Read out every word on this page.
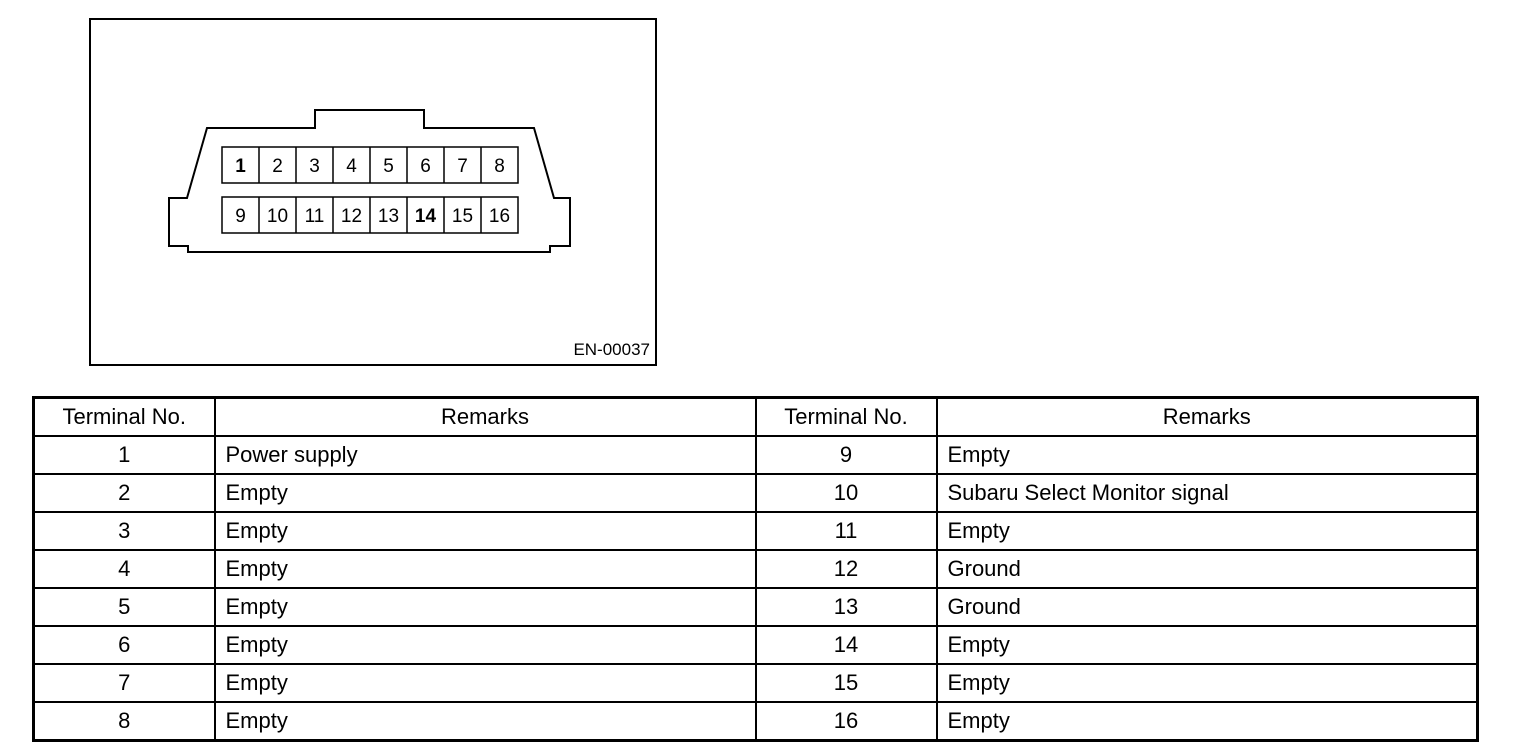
1 2 3 4 5 6 7 8
9 10 11 12 13 14 15 16
EN-00037
Terminal No.	Remarks	Terminal No.	Remarks
1	Power supply	9	Empty
2	Empty	10	Subaru Select Monitor signal
3	Empty	11	Empty
4	Empty	12	Ground
5	Empty	13	Ground
6	Empty	14	Empty
7	Empty	15	Empty
8	Empty	16	Empty
